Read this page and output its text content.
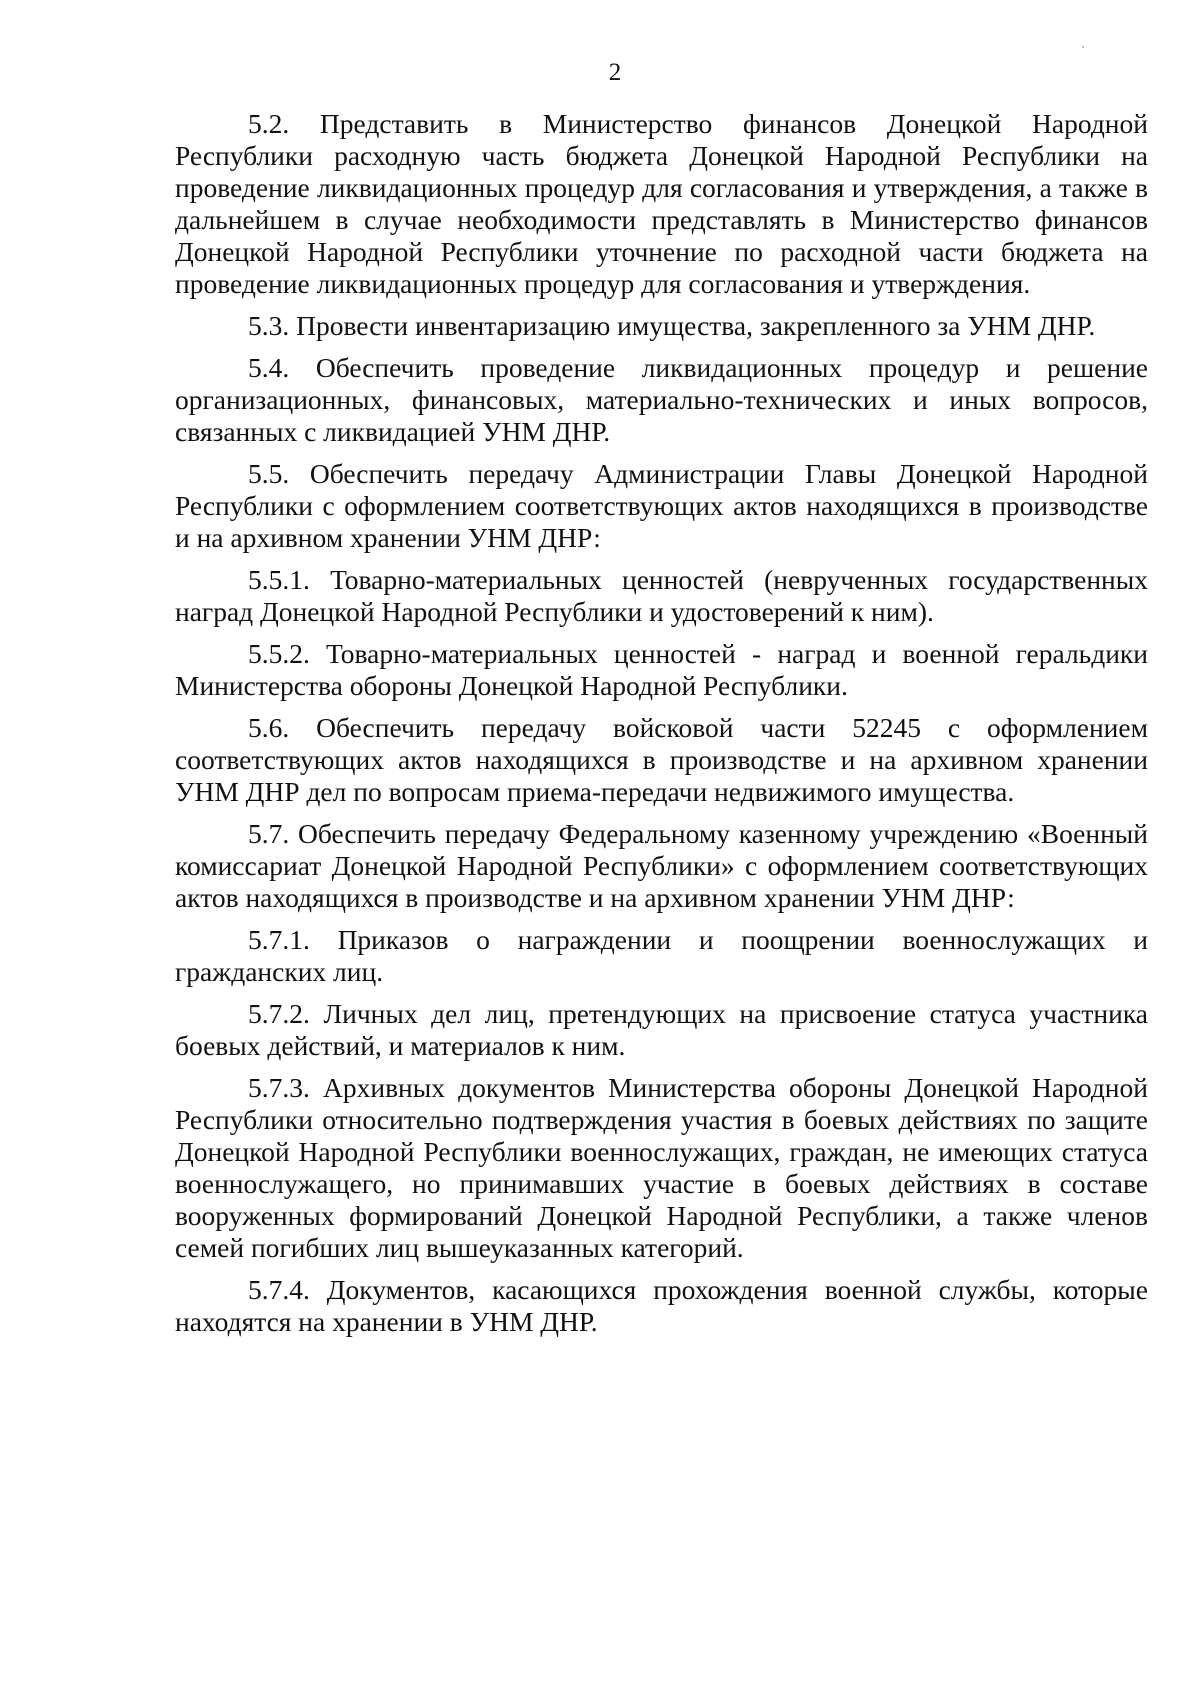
2

5.2. Представить в Министерство финансов Донецкой Народной Республики расходную часть бюджета Донецкой Народной Республики на проведение ликвидационных процедур для согласования и утверждения, а также в дальнейшем в случае необходимости представлять в Министерство финансов Донецкой Народной Республики уточнение по расходной части бюджета на проведение ликвидационных процедур для согласования и утверждения.

5.3. Провести инвентаризацию имущества, закрепленного за УНМ ДНР.

5.4. Обеспечить проведение ликвидационных процедур и решение организационных, финансовых, материально-технических и иных вопросов, связанных с ликвидацией УНМ ДНР.

5.5. Обеспечить передачу Администрации Главы Донецкой Народной Республики с оформлением соответствующих актов находящихся в производстве и на архивном хранении УНМ ДНР:

5.5.1. Товарно-материальных ценностей (неврученных государственных наград Донецкой Народной Республики и удостоверений к ним).

5.5.2. Товарно-материальных ценностей - наград и военной геральдики Министерства обороны Донецкой Народной Республики.

5.6. Обеспечить передачу войсковой части 52245 с оформлением соответствующих актов находящихся в производстве и на архивном хранении УНМ ДНР дел по вопросам приема-передачи недвижимого имущества.

5.7. Обеспечить передачу Федеральному казенному учреждению «Военный комиссариат Донецкой Народной Республики» с оформлением соответствующих актов находящихся в производстве и на архивном хранении УНМ ДНР:

5.7.1. Приказов о награждении и поощрении военнослужащих и гражданских лиц.

5.7.2. Личных дел лиц, претендующих на присвоение статуса участника боевых действий, и материалов к ним.

5.7.3. Архивных документов Министерства обороны Донецкой Народной Республики относительно подтверждения участия в боевых действиях по защите Донецкой Народной Республики военнослужащих, граждан, не имеющих статуса военнослужащего, но принимавших участие в боевых действиях в составе вооруженных формирований Донецкой Народной Республики, а также членов семей погибших лиц вышеуказанных категорий.

5.7.4. Документов, касающихся прохождения военной службы, которые находятся на хранении в УНМ ДНР.
